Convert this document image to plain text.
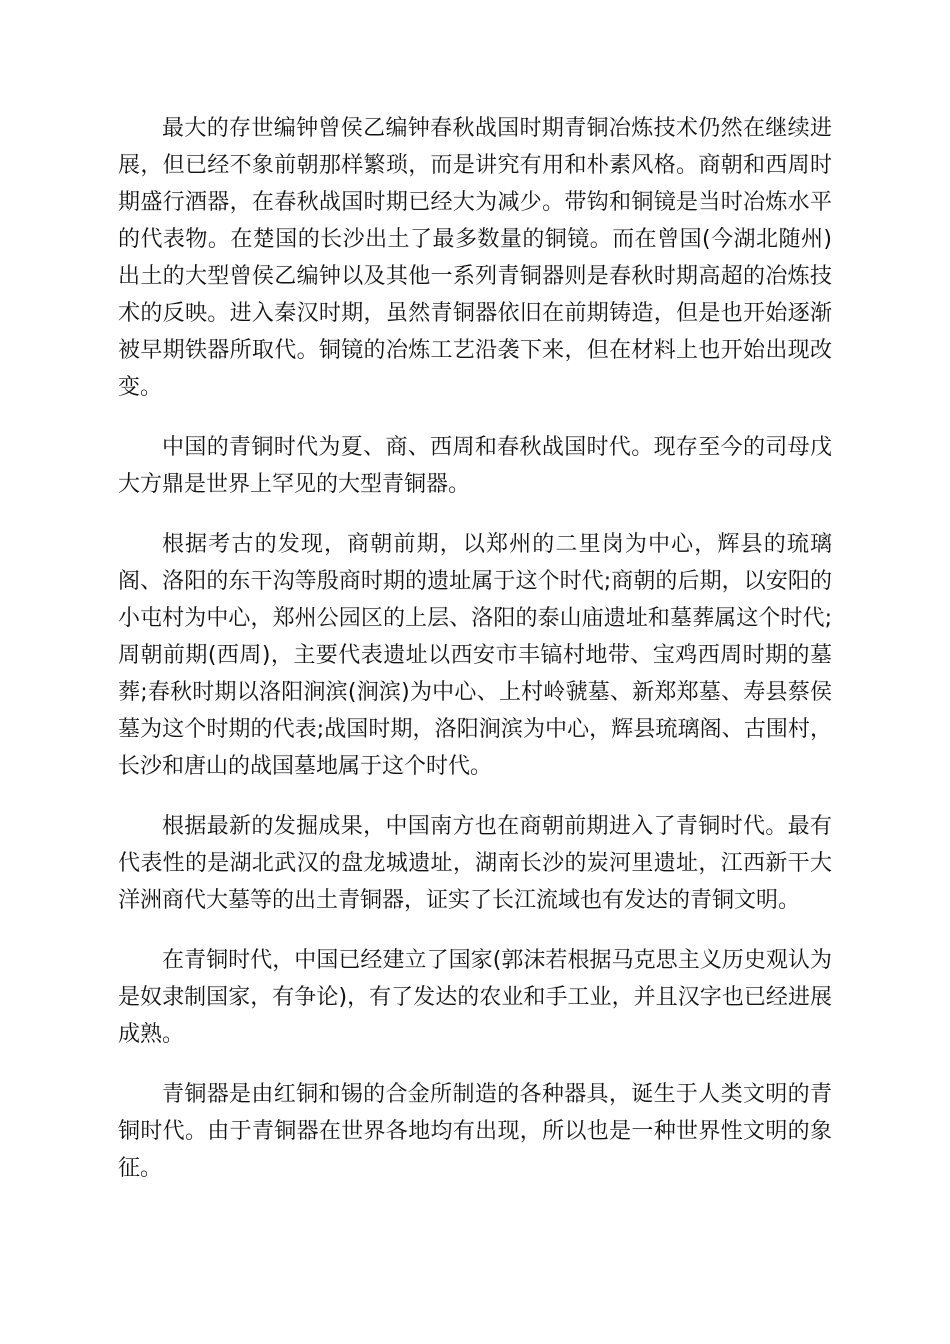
最大的存世编钟曾侯乙编钟春秋战国时期青铜冶炼技术仍然在继续进展，但已经不象前朝那样繁琐，而是讲究有用和朴素风格。商朝和西周时期盛行酒器，在春秋战国时期已经大为减少。带钩和铜镜是当时冶炼水平的代表物。在楚国的长沙出土了最多数量的铜镜。而在曾国(今湖北随州)出土的大型曾侯乙编钟以及其他一系列青铜器则是春秋时期高超的冶炼技术的反映。进入秦汉时期，虽然青铜器依旧在前期铸造，但是也开始逐渐被早期铁器所取代。铜镜的冶炼工艺沿袭下来，但在材料上也开始出现改变。

中国的青铜时代为夏、商、西周和春秋战国时代。现存至今的司母戊大方鼎是世界上罕见的大型青铜器。

根据考古的发现，商朝前期，以郑州的二里岗为中心，辉县的琉璃阁、洛阳的东干沟等殷商时期的遗址属于这个时代;商朝的后期，以安阳的小屯村为中心，郑州公园区的上层、洛阳的泰山庙遗址和墓葬属这个时代;周朝前期(西周)，主要代表遗址以西安市丰镐村地带、宝鸡西周时期的墓葬;春秋时期以洛阳涧滨(涧滨)为中心、上村岭虢墓、新郑郑墓、寿县蔡侯墓为这个时期的代表;战国时期，洛阳涧滨为中心，辉县琉璃阁、古围村，长沙和唐山的战国墓地属于这个时代。

根据最新的发掘成果，中国南方也在商朝前期进入了青铜时代。最有代表性的是湖北武汉的盘龙城遗址，湖南长沙的炭河里遗址，江西新干大洋洲商代大墓等的出土青铜器，证实了长江流域也有发达的青铜文明。

在青铜时代，中国已经建立了国家(郭沫若根据马克思主义历史观认为是奴隶制国家，有争论)，有了发达的农业和手工业，并且汉字也已经进展成熟。

青铜器是由红铜和锡的合金所制造的各种器具，诞生于人类文明的青铜时代。由于青铜器在世界各地均有出现，所以也是一种世界性文明的象征。
